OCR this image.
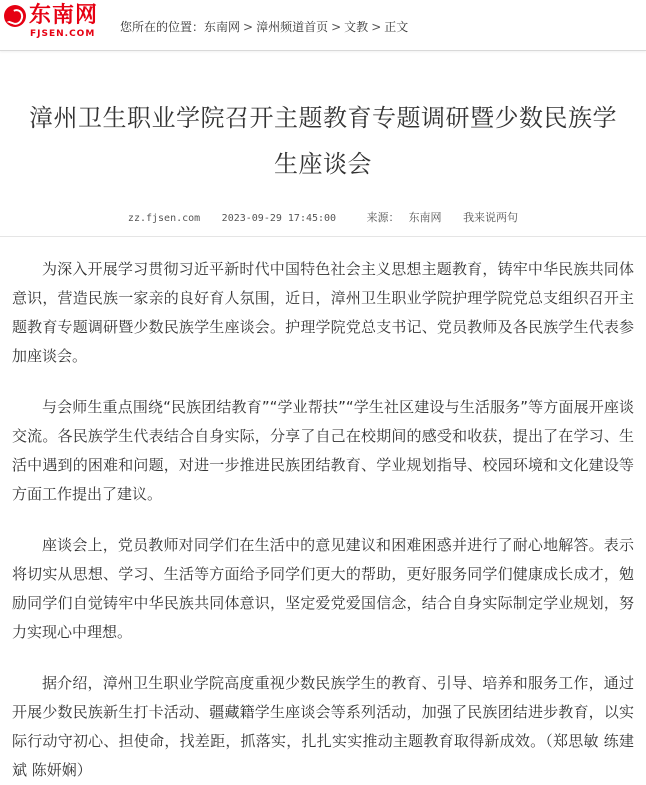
东南网
FJSEN.COM	您所在的位置：东南网 > 漳州频道首页 > 文教 > 正文
漳州卫生职业学院召开主题教育专题调研暨少数民族学生座谈会
zz.fjsen.com 2023-09-29 17:45:00	来源： 东南网 我来说两句

为深入开展学习贯彻习近平新时代中国特色社会主义思想主题教育，铸牢中华民族共同体意识，营造民族一家亲的良好育人氛围，近日，漳州卫生职业学院护理学院党总支组织召开主题教育专题调研暨少数民族学生座谈会。护理学院党总支书记、党员教师及各民族学生代表参加座谈会。

与会师生重点围绕“民族团结教育”“学业帮扶”“学生社区建设与生活服务”等方面展开座谈交流。各民族学生代表结合自身实际，分享了自己在校期间的感受和收获，提出了在学习、生活中遇到的困难和问题，对进一步推进民族团结教育、学业规划指导、校园环境和文化建设等方面工作提出了建议。

座谈会上，党员教师对同学们在生活中的意见建议和困难困惑并进行了耐心地解答。表示将切实从思想、学习、生活等方面给予同学们更大的帮助，更好服务同学们健康成长成才，勉励同学们自觉铸牢中华民族共同体意识，坚定爱党爱国信念，结合自身实际制定学业规划，努力实现心中理想。

据介绍，漳州卫生职业学院高度重视少数民族学生的教育、引导、培养和服务工作，通过开展少数民族新生打卡活动、疆藏籍学生座谈会等系列活动，加强了民族团结进步教育，以实际行动守初心、担使命，找差距，抓落实，扎扎实实推动主题教育取得新成效。（郑思敏 练建斌 陈妍娴）
